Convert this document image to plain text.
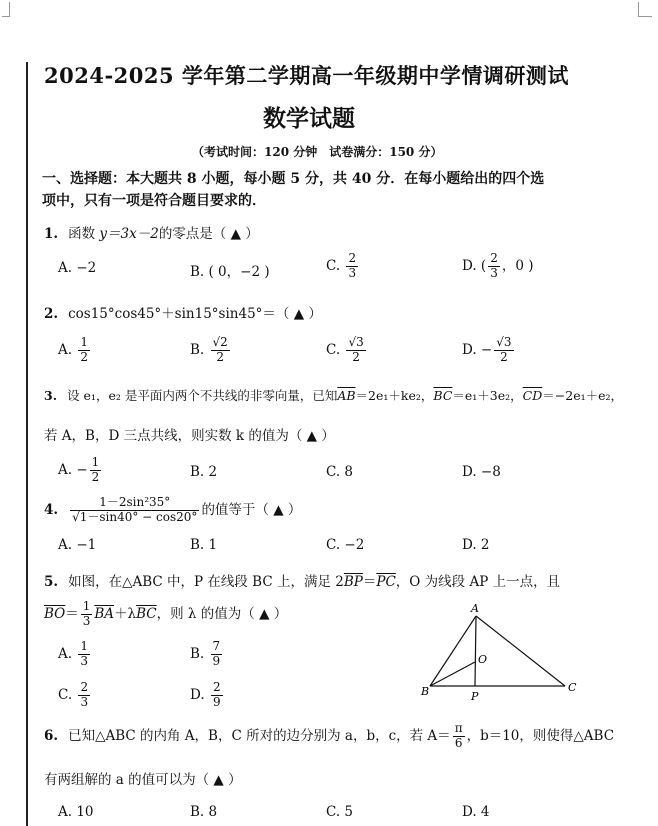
2024-2025 学年第二学期高一年级期中学情调研测试
数学试题
（考试时间：120 分钟　试卷满分：150 分）
一、选择题：本大题共 8 小题，每小题 5 分，共 40 分．在每小题给出的四个选
项中，只有一项是符合题目要求的．
1. 函数 y＝3x－2的零点是（ ▲ ）
A. −2	B. ( 0，−2 )	C. $\frac{2}{3}$	D. ( $\frac{2}{3}$ ，0 )
2. cos15°cos45°＋sin15°sin45°＝（ ▲ ）
A. $\frac{1}{2}$	B. $\frac{√2}{2}$	C. $\frac{√3}{2}$	D. − $\frac{√3}{2}$
3. 设 e₁，e₂ 是平面内两个不共线的非零向量，已知$\overline{AB}=2e_1+ke_2$，$\overline{BC}=e_1+3e_2$，$\overline{CD}=-2e_1+e_2$，
若 A，B，D 三点共线，则实数 k 的值为（ ▲ ）
A. − $\frac{1}{2}$	B. 2	C. 8	D. −8
4. $\frac{\text{1－2sin²35°}}{√1-\sin 40^\circ - \cos 20^\circ}$ 的值等于（ ▲ ）
A. −1	B. 1	C. −2	D. 2
5. 如图，在△ABC 中，P 在线段 BC 上，满足 $2\overline{BP}=\overline{PC}$，O 为线段 AP 上一点，且
$\overline{BO}= \frac{1}{3} \overline{BA}+\lambda\overline{BC}$，则 λ 的值为（ ▲ ）
A. $\frac{1}{3}$	B. $\frac{7}{9}$
C. $\frac{2}{3}$	D. $\frac{2}{9}$
A
B	C
O
P
6. 已知△ABC 的内角 A，B，C 所对的边分别为 a，b，c，若 $A= \frac{\pi}{6}$ ，b＝10，则使得△ABC
有两组解的 a 的值可以为（ ▲ ）
A. 10	B. 8	C. 5	D. 4
